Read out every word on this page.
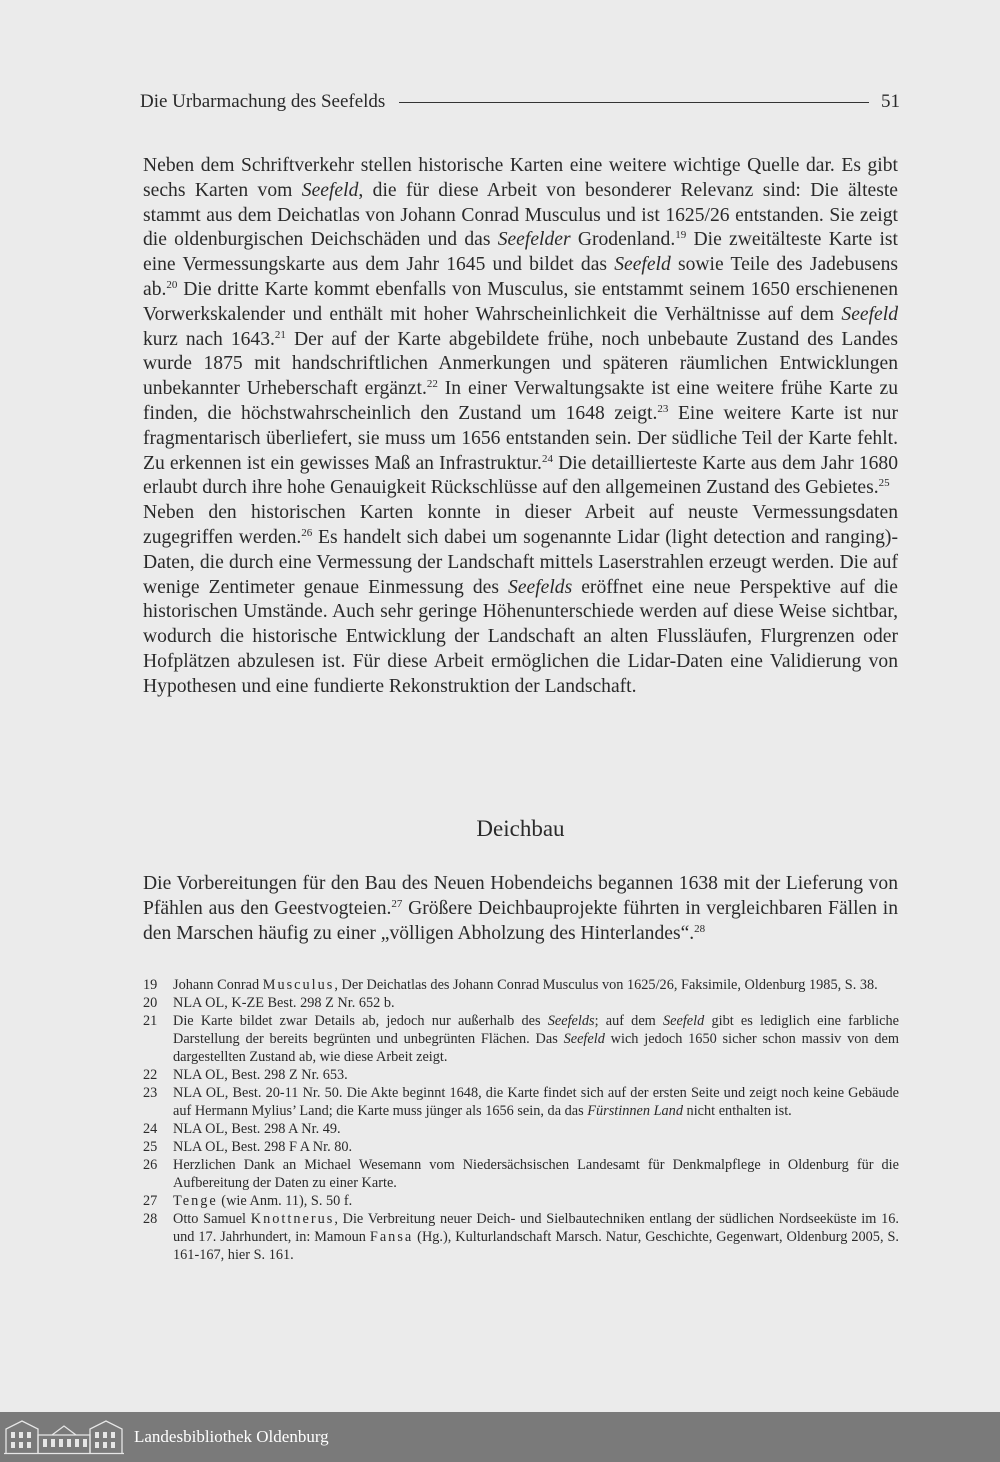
Die Urbarmachung des Seefelds	51

Neben dem Schriftverkehr stellen historische Karten eine weitere wichtige Quelle dar. Es gibt sechs Karten vom Seefeld, die für diese Arbeit von besonderer Relevanz sind: Die älteste stammt aus dem Deichatlas von Johann Conrad Musculus und ist 1625/26 entstanden. Sie zeigt die oldenburgischen Deichschäden und das Seefelder Grodenland.$^{19}$ Die zweitälteste Karte ist eine Vermessungskarte aus dem Jahr 1645 und bildet das Seefeld sowie Teile des Jadebusens ab.$^{20}$ Die dritte Karte kommt ebenfalls von Musculus, sie entstammt seinem 1650 erschienenen Vorwerkskalender und enthält mit hoher Wahrscheinlichkeit die Verhältnisse auf dem Seefeld kurz nach 1643.21 Der auf der Karte abgebildete frühe, noch unbebaute Zustand des Landes wurde 1875 mit handschriftlichen Anmerkungen und späteren räumlichen Entwicklungen unbekannter Urheberschaft ergänzt.$^{22}$ In einer Verwaltungsakte ist eine weitere frühe Karte zu finden, die höchstwahrscheinlich den Zustand um 1648 zeigt.$^{23}$ Eine weitere Karte ist nur fragmentarisch überliefert, sie muss um 1656 entstanden sein. Der südliche Teil der Karte fehlt. Zu erkennen ist ein gewisses Maß an Infrastruktur.$^{24}$ Die detaillierteste Karte aus dem Jahr 1680 erlaubt durch ihre hohe Genauigkeit Rückschlüsse auf den allgemeinen Zustand des Gebietes.$^{25}$

Neben den historischen Karten konnte in dieser Arbeit auf neuste Vermessungsdaten zugegriffen werden.$^{26}$ Es handelt sich dabei um sogenannte Lidar (light detection and ranging)-Daten, die durch eine Vermessung der Landschaft mittels Laserstrahlen erzeugt werden. Die auf wenige Zentimeter genaue Einmessung des Seefelds eröffnet eine neue Perspektive auf die historischen Umstände. Auch sehr geringe Höhenunterschiede werden auf diese Weise sichtbar, wodurch die historische Entwicklung der Landschaft an alten Flussläufen, Flurgrenzen oder Hofplätzen abzulesen ist. Für diese Arbeit ermöglichen die Lidar-Daten eine Validierung von Hypothesen und eine fundierte Rekonstruktion der Landschaft.

Deichbau

Die Vorbereitungen für den Bau des Neuen Hobendeichs begannen 1638 mit der Lieferung von Pfählen aus den Geestvogteien.$^{27}$ Größere Deichbauprojekte führten in vergleichbaren Fällen in den Marschen häufig zu einer „völligen Abholzung des Hinterlandes“.$^{28}$

19	Johann Conrad Musculus, Der Deichatlas des Johann Conrad Musculus von 1625/26, Faksimile, Oldenburg 1985, S. 38.
20	NLA OL, K-ZE Best. 298 Z Nr. 652 b.
21	Die Karte bildet zwar Details ab, jedoch nur außerhalb des Seefelds; auf dem Seefeld gibt es lediglich eine farbliche Darstellung der bereits begrünten und unbegrünten Flächen. Das Seefeld wich jedoch 1650 sicher schon massiv von dem dargestellten Zustand ab, wie diese Arbeit zeigt.
22	NLA OL, Best. 298 Z Nr. 653.
23	NLA OL, Best. 20-11 Nr. 50. Die Akte beginnt 1648, die Karte findet sich auf der ersten Seite und zeigt noch keine Gebäude auf Hermann Mylius’ Land; die Karte muss jünger als 1656 sein, da das Fürstinnen Land nicht enthalten ist.
24	NLA OL, Best. 298 A Nr. 49.
25	NLA OL, Best. 298 F A Nr. 80.
26	Herzlichen Dank an Michael Wesemann vom Niedersächsischen Landesamt für Denkmalpflege in Oldenburg für die Aufbereitung der Daten zu einer Karte.
27	Tenge (wie Anm. 11), S. 50 f.
28	Otto Samuel Knottnerus, Die Verbreitung neuer Deich- und Sielbautechniken entlang der südlichen Nordseeküste im 16. und 17. Jahrhundert, in: Mamoun Fansa (Hg.), Kulturlandschaft Marsch. Natur, Geschichte, Gegenwart, Oldenburg 2005, S. 161-167, hier S. 161.
Landesbibliothek Oldenburg
